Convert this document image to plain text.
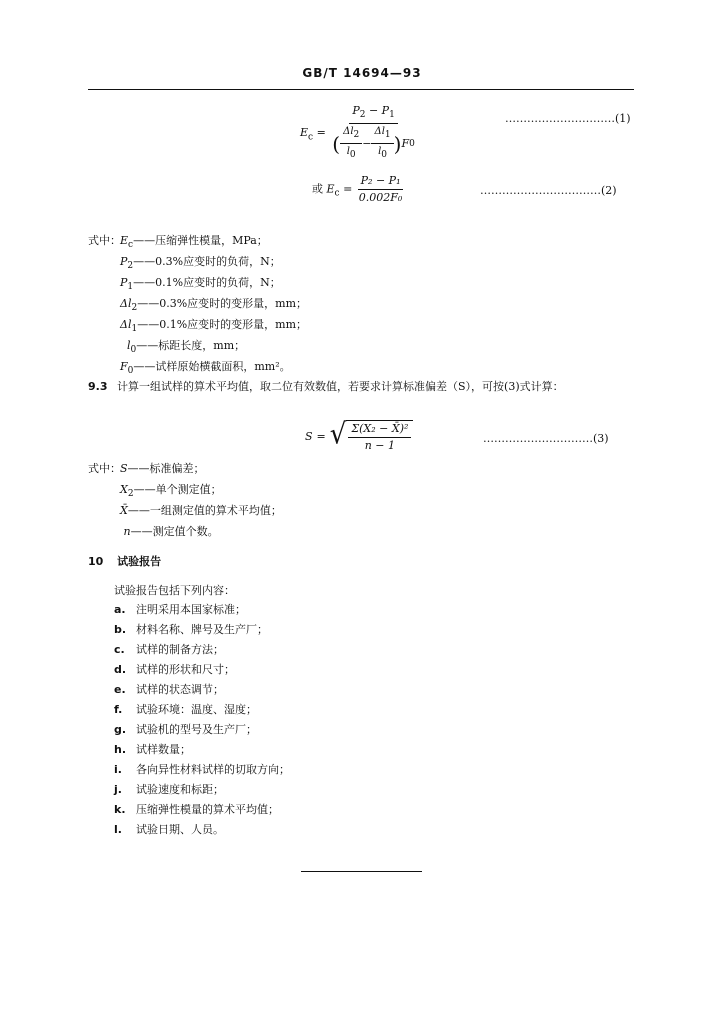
GB/T 14694—93
$E_c$ =
$P_2 - P_1$
( $\frac{\Delta l_2}{l_0} - \frac{\Delta l_1}{l_0}$ ) F 0
…………………………(1)
或 $E_c = \frac{\text{P₂ − P₁}}{\text{0.002F₀}}$	……………………………(2)
式中： $E_c——$压缩弹性模量，MPa；
$P_2——0.3\%$应变时的负荷，N；
$P_1——0.1\%$应变时的负荷，N；
$\Delta l_2——0.3\%$应变时的变形量，mm；
$\Delta l_1——0.1\%$应变时的变形量，mm；
$l_0——$标距长度，mm；
$F_0——$试样原始横截面积，mm²。
9.3 计算一组试样的算术平均值，取二位有效数值，若要求计算标准偏差（S），可按(3)式计算：
S = √ $\frac{\text{Σ(X₂ − X̄)²}}{n - 1}$	…………………………(3)
式中： S——标准偏差；
$X_2——$单个测定值；
X̄——一组测定值的算术平均值；
n——测定值个数。
10 试验报告
试验报告包括下列内容：
a. 注明采用本国家标准；
b. 材料名称、牌号及生产厂；
c. 试样的制备方法；
d. 试样的形状和尺寸；
e. 试样的状态调节；
f. 试验环境：温度、湿度；
g. 试验机的型号及生产厂；
h. 试样数量；
i. 各向异性材料试样的切取方向；
j. 试验速度和标距；
k. 压缩弹性模量的算术平均值；
l. 试验日期、人员。
